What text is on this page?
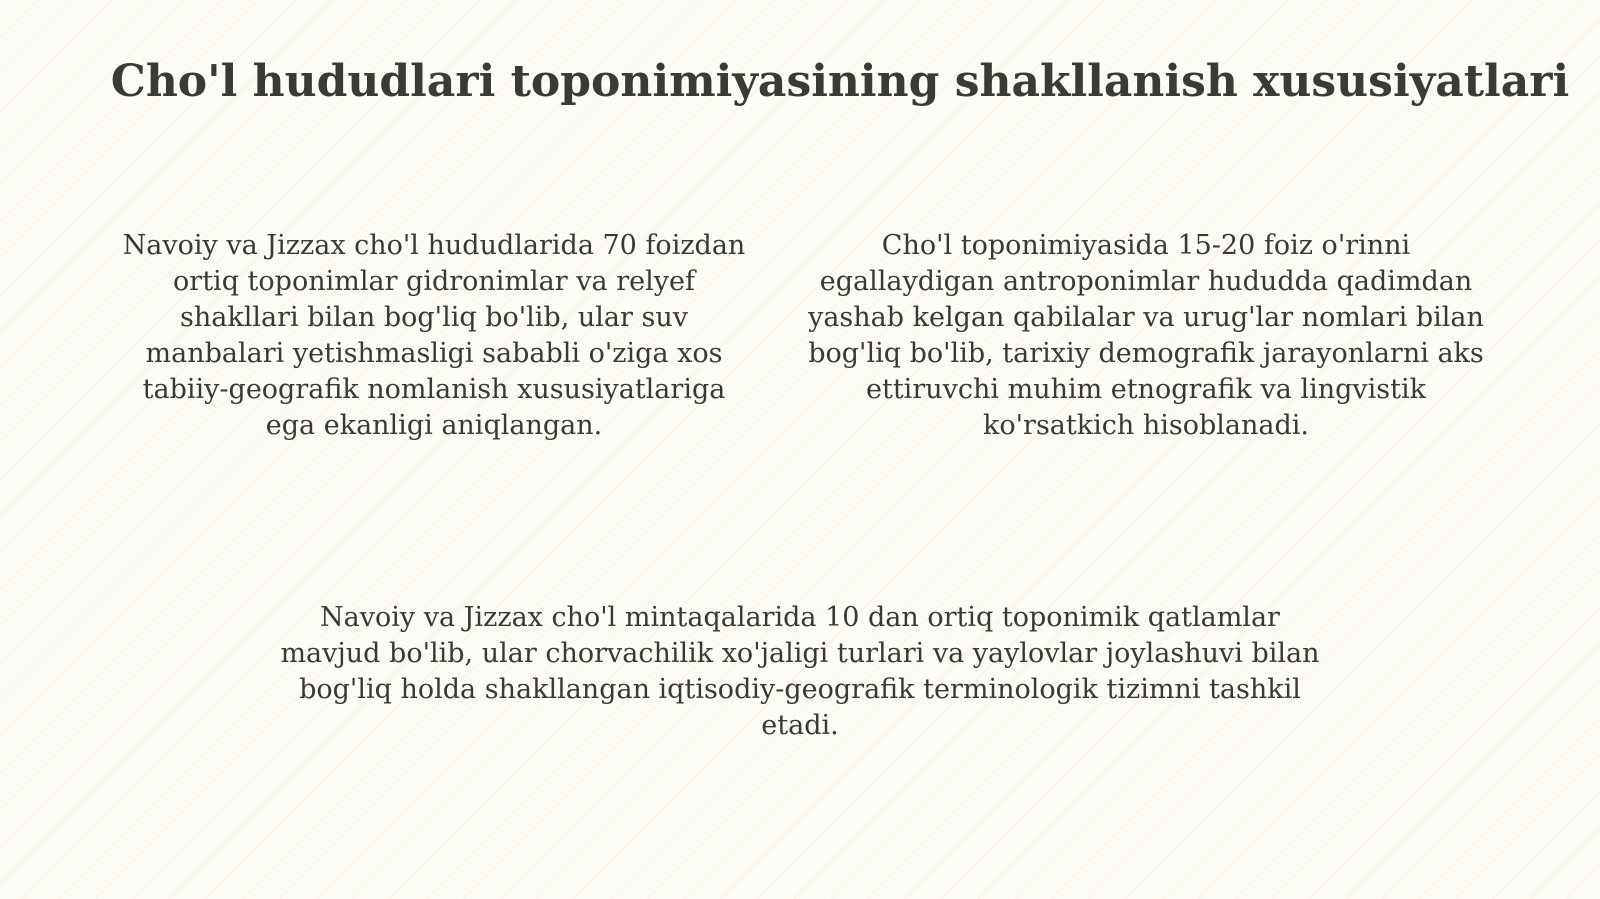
Cho'l hududlari toponimiyasining shakllanish xususiyatlari

Navoiy va Jizzax cho'l hududlarida 70 foizdan ortiq toponimlar gidronimlar va relyef shakllari bilan bog'liq bo'lib, ular suv manbalari yetishmasligi sababli o'ziga xos tabiiy-geografik nomlanish xususiyatlariga ega ekanligi aniqlangan.

Cho'l toponimiyasida 15-20 foiz o'rinni egallaydigan antroponimlar hududda qadimdan yashab kelgan qabilalar va urug'lar nomlari bilan bog'liq bo'lib, tarixiy demografik jarayonlarni aks ettiruvchi muhim etnografik va lingvistik ko'rsatkich hisoblanadi.

Navoiy va Jizzax cho'l mintaqalarida 10 dan ortiq toponimik qatlamlar mavjud bo'lib, ular chorvachilik xo'jaligi turlari va yaylovlar joylashuvi bilan bog'liq holda shakllangan iqtisodiy-geografik terminologik tizimni tashkil etadi.
